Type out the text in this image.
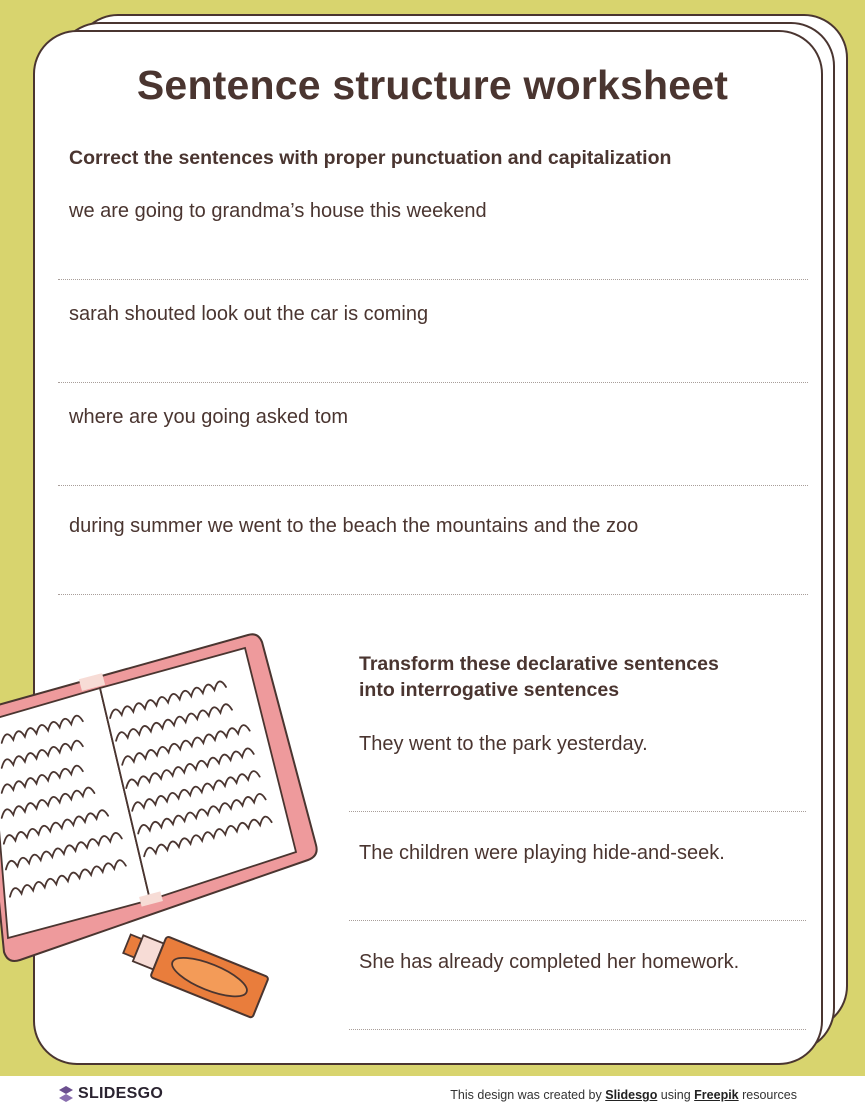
Sentence structure worksheet
Correct the sentences with proper punctuation and capitalization
we are going to grandma’s house this weekend
sarah shouted look out the car is coming
where are you going asked tom
during summer we went to the beach the mountains and the zoo
Transform these declarative sentences
into interrogative sentences
They went to the park yesterday.
The children were playing hide-and-seek.
She has already completed her homework.
SLIDESGO	This design was created by Slidesgo using Freepik resources
